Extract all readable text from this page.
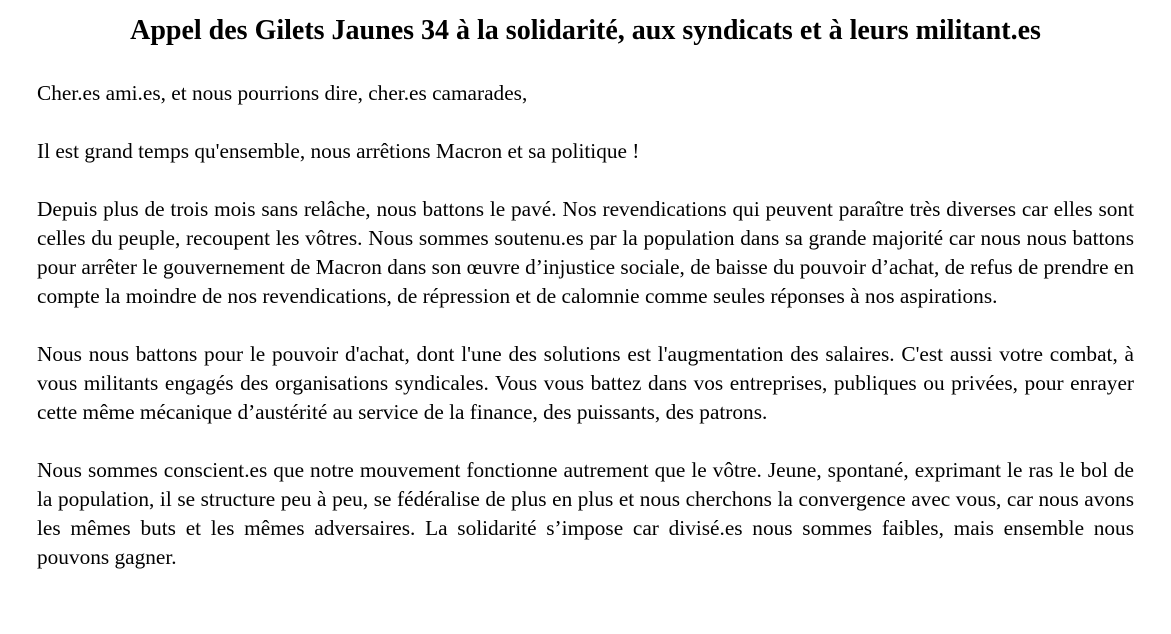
Appel des Gilets Jaunes 34 à la solidarité, aux syndicats et à leurs militant.es

Cher.es ami.es, et nous pourrions dire, cher.es camarades,

Il est grand temps qu'ensemble, nous arrêtions Macron et sa politique !

Depuis plus de trois mois sans relâche, nous battons le pavé. Nos revendications qui peuvent paraître très diverses car elles sont celles du peuple, recoupent les vôtres. Nous sommes soutenu.es par la population dans sa grande majorité car nous nous battons pour arrêter le gouvernement de Macron dans son œuvre d’injustice sociale, de baisse du pouvoir d’achat, de refus de prendre en compte la moindre de nos revendications, de répression et de calomnie comme seules réponses à nos aspirations.

Nous nous battons pour le pouvoir d'achat, dont l'une des solutions est l'augmentation des salaires. C'est aussi votre combat, à vous militants engagés des organisations syndicales. Vous vous battez dans vos entreprises, publiques ou privées, pour enrayer cette même mécanique d’austérité au service de la finance, des puissants, des patrons.

Nous sommes conscient.es que notre mouvement fonctionne autrement que le vôtre. Jeune, spontané, exprimant le ras le bol de la population, il se structure peu à peu, se fédéralise de plus en plus et nous cherchons la convergence avec vous, car nous avons les mêmes buts et les mêmes adversaires. La solidarité s’impose car divisé.es nous sommes faibles, mais ensemble nous pouvons gagner.
